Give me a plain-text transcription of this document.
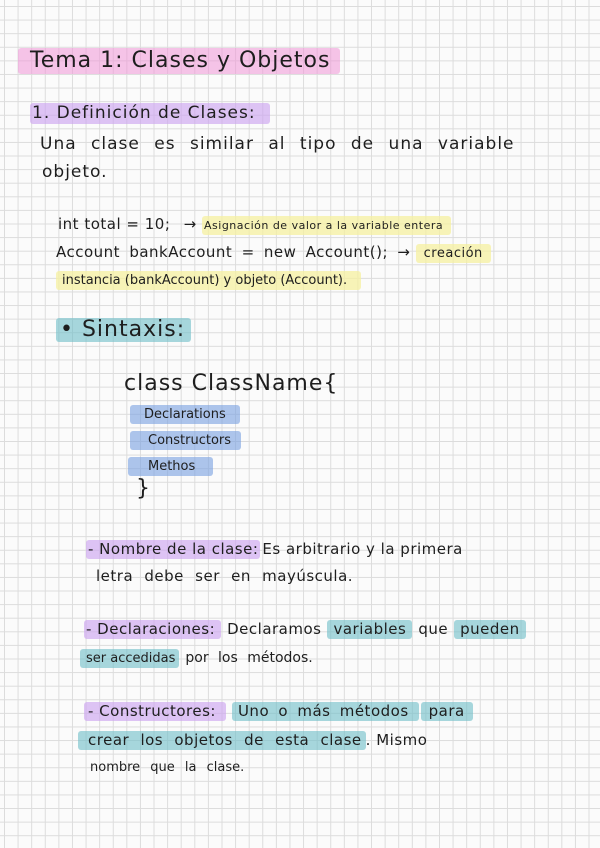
Tema 1: Clases y Objetos
1. Definición de Clases:
Una clase es similar al tipo de una variable
objeto.
int total = 10; → Asignación de valor a la variable entera
Account bankAccount = new Account(); → creación
instancia (bankAccount) y objeto (Account).
• Sintaxis:
class ClassName{
Declarations
Constructors
Methos
}
- Nombre de la clase: Es arbitrario y la primera
letra debe ser en mayúscula.
- Declaraciones: Declaramos variables que pueden
ser accedidas por los métodos.
- Constructores: Uno o más métodos para
crear los objetos de esta clase . Mismo
nombre que la clase.
